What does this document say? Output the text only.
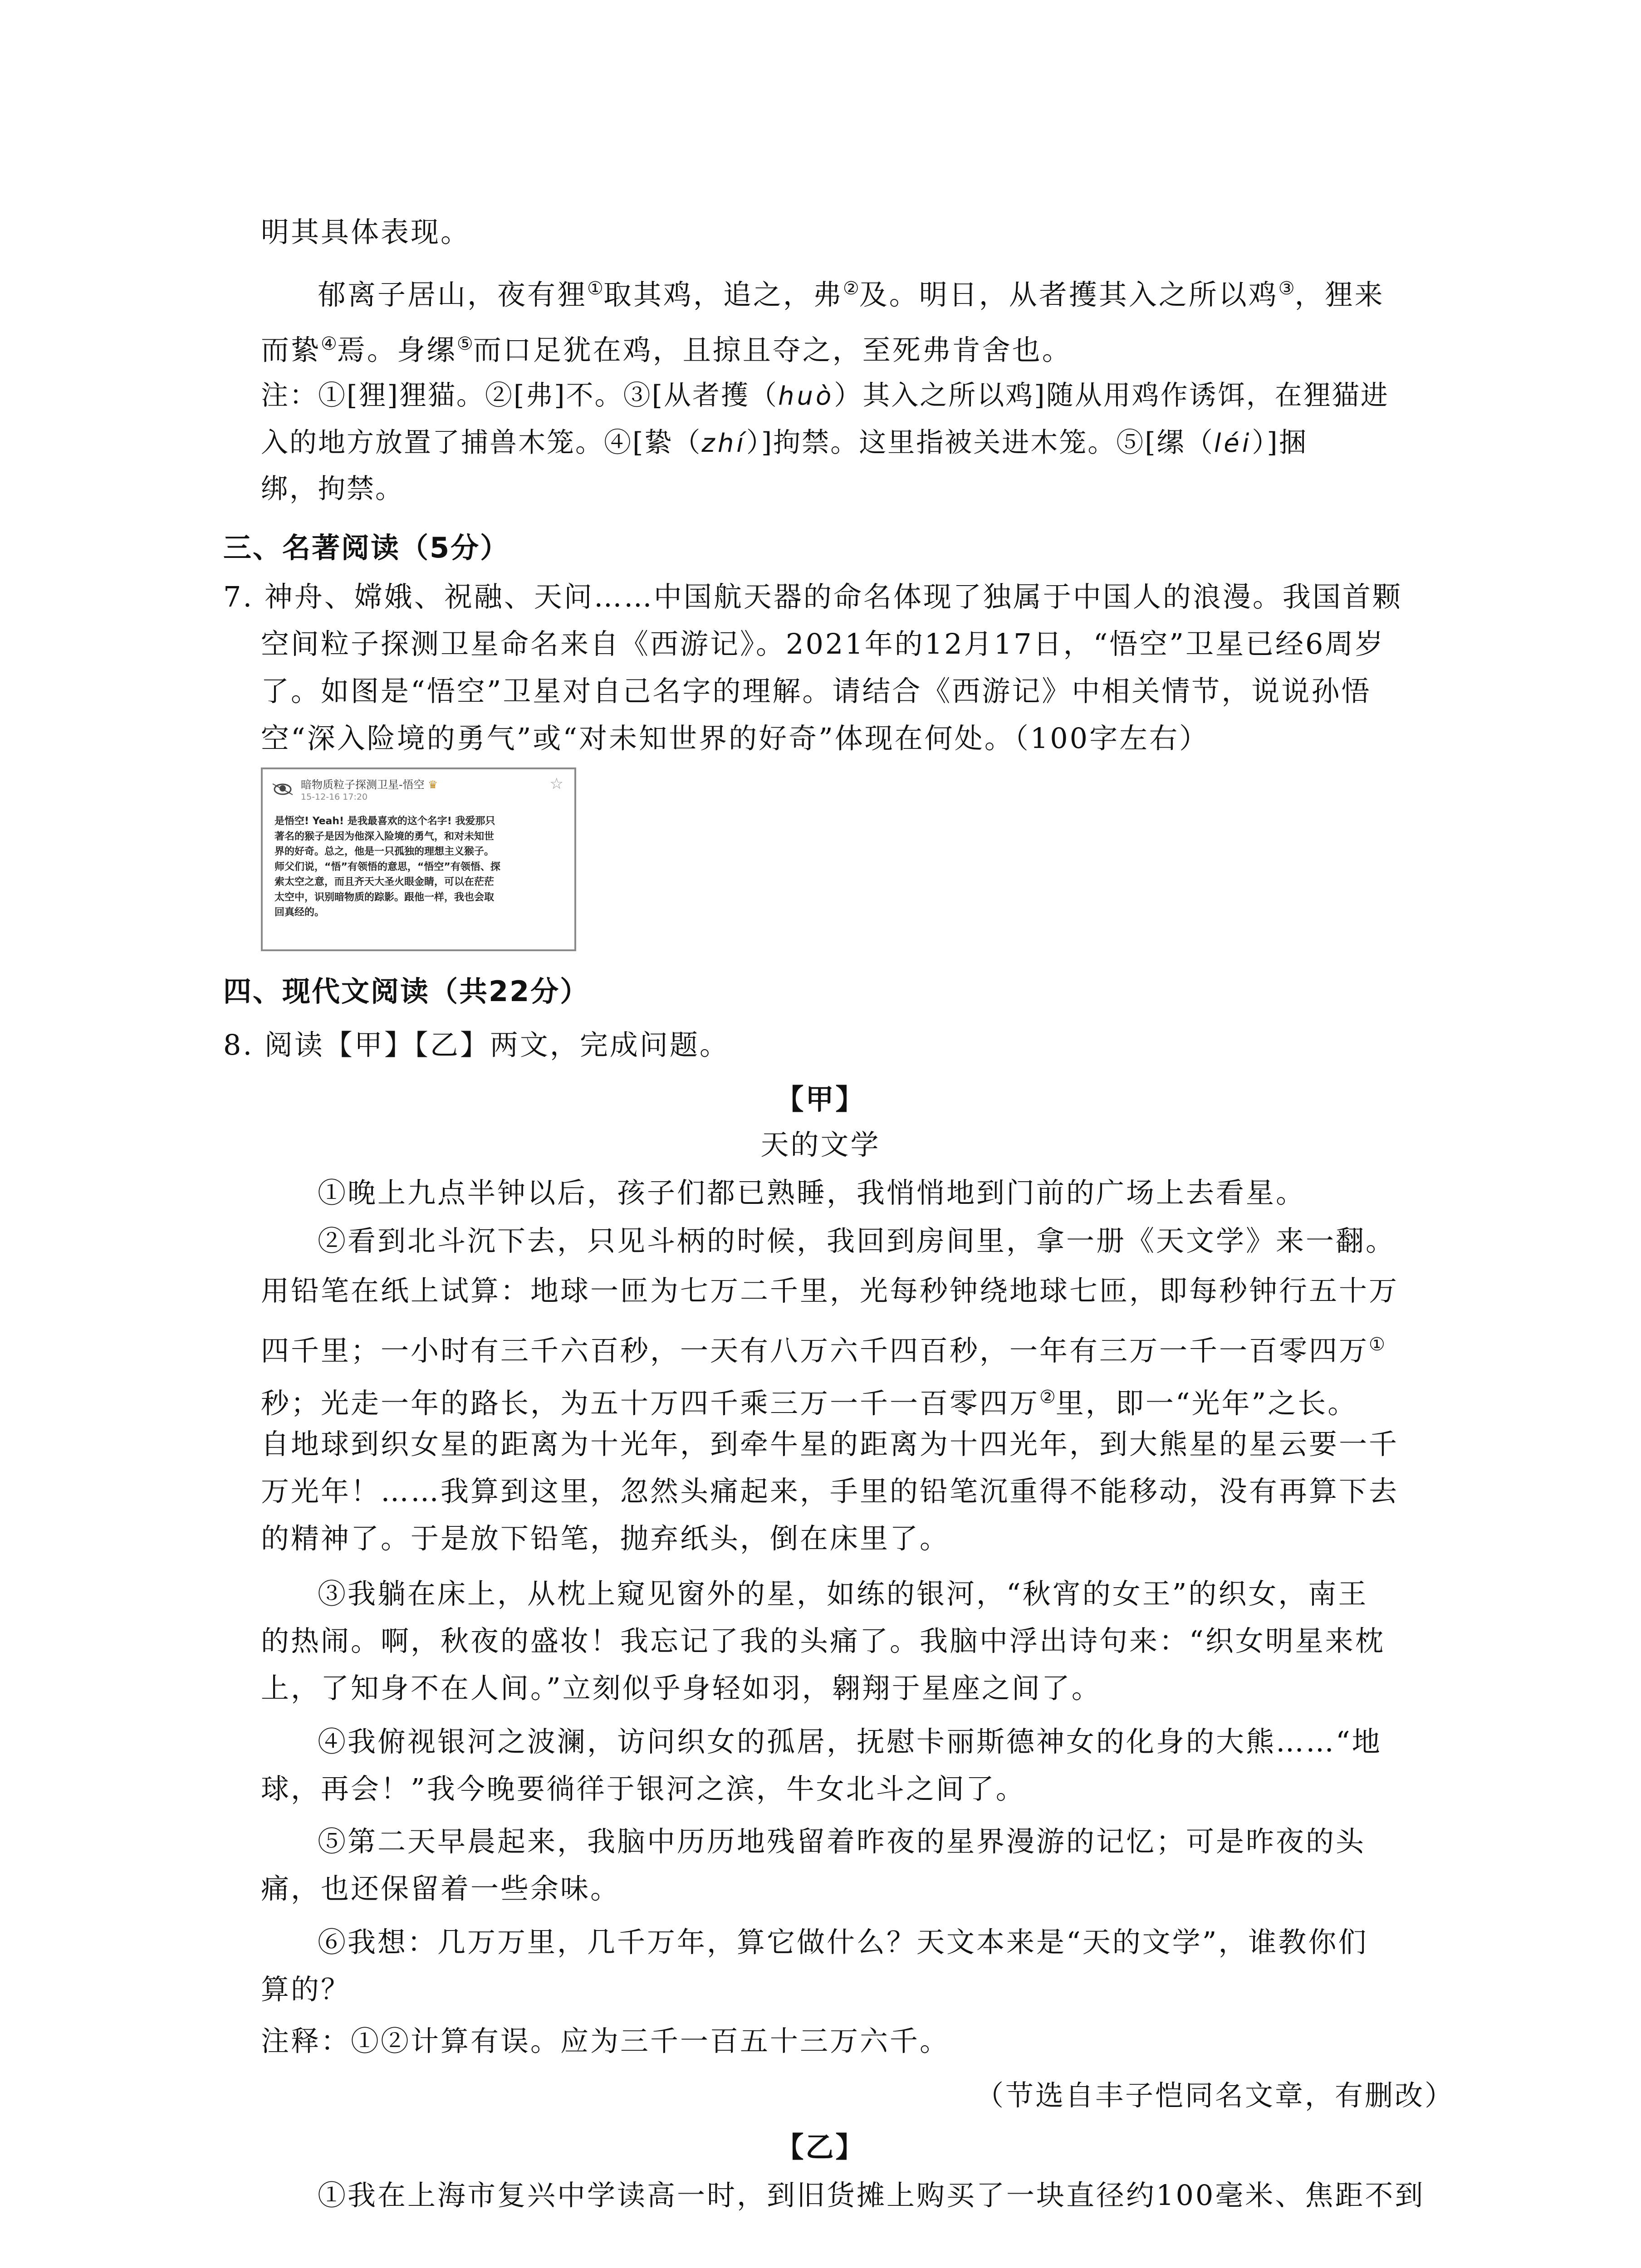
明其具体表现。
郁离子居山，夜有狸①取其鸡，追之，弗②及。明日，从者擭其入之所以鸡③，狸来
而絷④焉。身缧⑤而口足犹在鸡，且掠且夺之，至死弗肯舍也。
注：①[狸]狸猫。②[弗]不。③[从者擭（huò）其入之所以鸡]随从用鸡作诱饵，在狸猫进
入的地方放置了捕兽木笼。④[絷（zhí）]拘禁。这里指被关进木笼。⑤[缧（léi）]捆
绑，拘禁。
三、名著阅读（5分）
7. 神舟、嫦娥、祝融、天问……中国航天器的命名体现了独属于中国人的浪漫。我国首颗
空间粒子探测卫星命名来自《西游记》。2021年的12月17日，“悟空”卫星已经6周岁
了。如图是“悟空”卫星对自己名字的理解。请结合《西游记》中相关情节，说说孙悟
空“深入险境的勇气”或“对未知世界的好奇”体现在何处。（100字左右）
暗物质粒子探测卫星-悟空 ♛
15-12-16 17:20
☆
是悟空! Yeah! 是我最喜欢的这个名字! 我爱那只
著名的猴子是因为他深入险境的勇气，和对未知世
界的好奇。总之，他是一只孤独的理想主义猴子。
师父们说，“悟”有领悟的意思，“悟空”有领悟、探
索太空之意，而且齐天大圣火眼金睛，可以在茫茫
太空中，识别暗物质的踪影。跟他一样，我也会取
回真经的。
四、现代文阅读（共22分）
8. 阅读【甲】【乙】两文，完成问题。
【甲】
天的文学
①晚上九点半钟以后，孩子们都已熟睡，我悄悄地到门前的广场上去看星。
②看到北斗沉下去，只见斗柄的时候，我回到房间里，拿一册《天文学》来一翻。
用铅笔在纸上试算：地球一匝为七万二千里，光每秒钟绕地球七匝，即每秒钟行五十万
四千里；一小时有三千六百秒，一天有八万六千四百秒，一年有三万一千一百零四万①
秒；光走一年的路长，为五十万四千乘三万一千一百零四万②里，即一“光年”之长。
自地球到织女星的距离为十光年，到牵牛星的距离为十四光年，到大熊星的星云要一千
万光年！……我算到这里，忽然头痛起来，手里的铅笔沉重得不能移动，没有再算下去
的精神了。于是放下铅笔，抛弃纸头，倒在床里了。
③我躺在床上，从枕上窥见窗外的星，如练的银河，“秋宵的女王”的织女，南王
的热闹。啊，秋夜的盛妆！我忘记了我的头痛了。我脑中浮出诗句来：“织女明星来枕
上，了知身不在人间。”立刻似乎身轻如羽，翱翔于星座之间了。
④我俯视银河之波澜，访问织女的孤居，抚慰卡丽斯德神女的化身的大熊……“地
球，再会！”我今晚要徜徉于银河之滨，牛女北斗之间了。
⑤第二天早晨起来，我脑中历历地残留着昨夜的星界漫游的记忆；可是昨夜的头
痛，也还保留着一些余味。
⑥我想：几万万里，几千万年，算它做什么？天文本来是“天的文学”，谁教你们
算的？
注释：①②计算有误。应为三千一百五十三万六千。
（节选自丰子恺同名文章，有删改）
【乙】
①我在上海市复兴中学读高一时，到旧货摊上购买了一块直径约100毫米、焦距不到
